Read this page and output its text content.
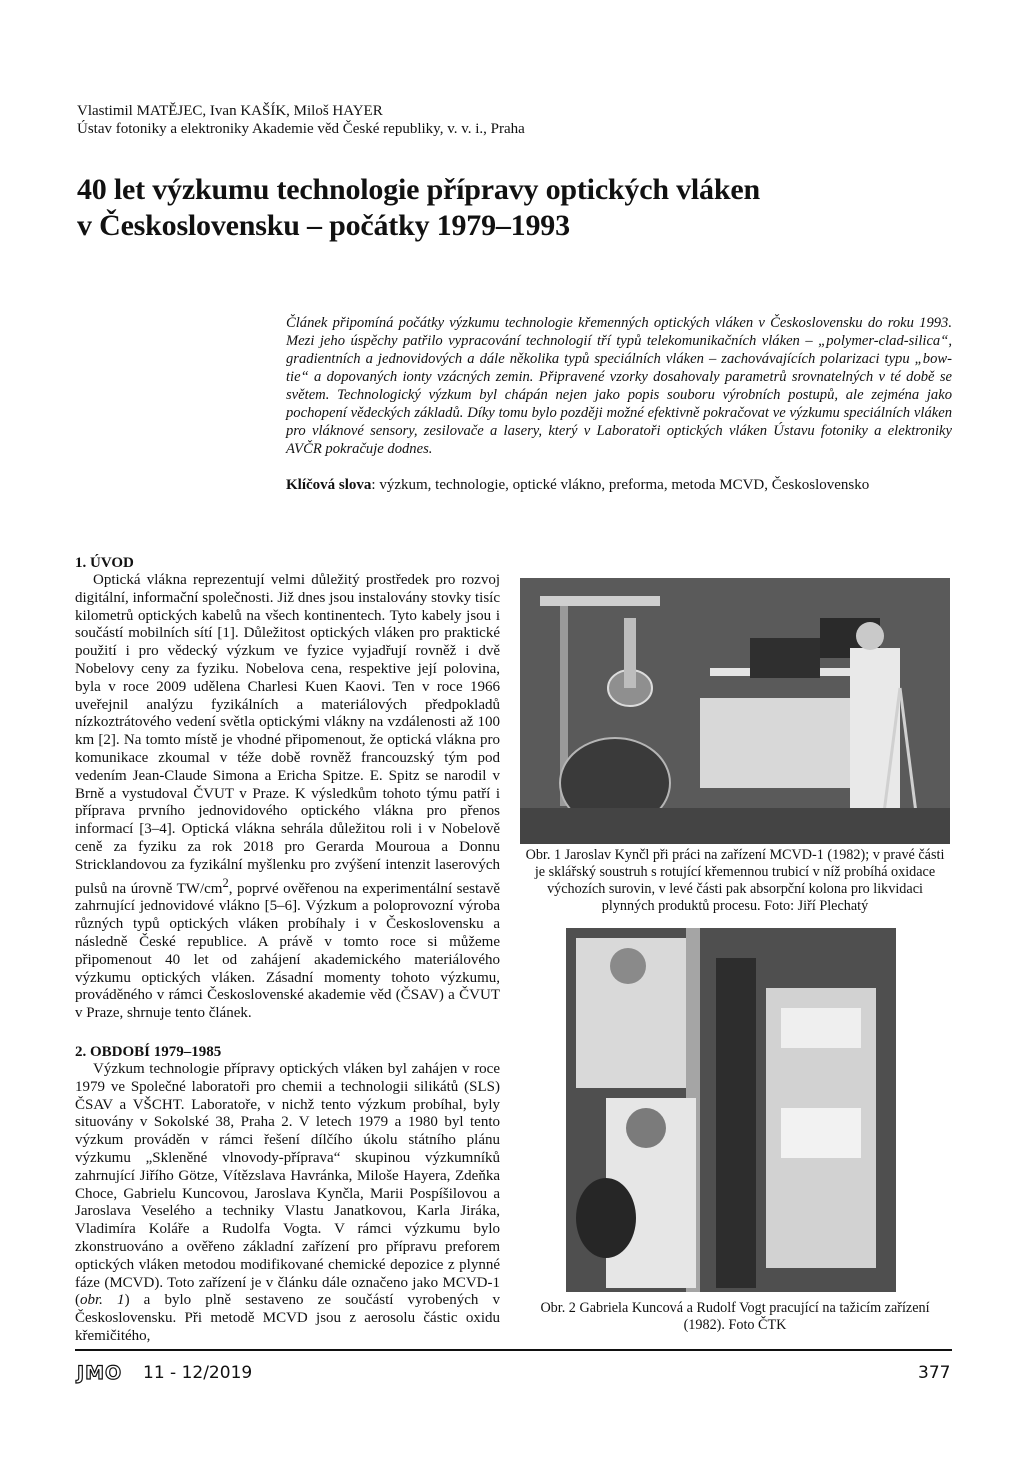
Vlastimil MATĚJEC, Ivan KAŠÍK, Miloš HAYER
Ústav fotoniky a elektroniky Akademie věd České republiky, v. v. i., Praha
40 let výzkumu technologie přípravy optických vláken
v Československu – počátky 1979–1993
Článek připomíná počátky výzkumu technologie křemenných optických vláken v Československu do roku 1993. Mezi jeho úspěchy patřilo vypracování technologií tří typů telekomunikačních vláken – „polymer-clad-silica“, gradientních a jednovidových a dále několika typů speciálních vláken – zachovávajících polarizaci typu „bow-tie“ a dopovaných ionty vzácných zemin. Připravené vzorky dosahovaly parametrů srovnatelných v té době se světem. Technologický výzkum byl chápán nejen jako popis souboru výrobních postupů, ale zejména jako pochopení vědeckých základů. Díky tomu bylo později možné efektivně pokračovat ve výzkumu speciálních vláken pro vláknové sensory, zesilovače a lasery, který v Laboratoři optických vláken Ústavu fotoniky a elektroniky AVČR pokračuje dodnes.
Klíčová slova: výzkum, technologie, optické vlákno, preforma, metoda MCVD, Československo
1. ÚVOD

Optická vlákna reprezentují velmi důležitý prostředek pro rozvoj digitální, informační společnosti. Již dnes jsou instalovány stovky tisíc kilometrů optických kabelů na všech kontinentech. Tyto kabely jsou i součástí mobilních sítí [1]. Důležitost optických vláken pro praktické použití i pro vědecký výzkum ve fyzice vyjadřují rovněž i dvě Nobelovy ceny za fyziku. Nobelova cena, respektive její polovina, byla v roce 2009 udělena Charlesi Kuen Kaovi. Ten v roce 1966 uveřejnil analýzu fyzikálních a materiálových předpokladů nízkoztrátového vedení světla optickými vlákny na vzdálenosti až 100 km [2]. Na tomto místě je vhodné připomenout, že optická vlákna pro komunikace zkoumal v téže době rovněž francouzský tým pod vedením Jean-Claude Simona a Ericha Spitze. E. Spitz se narodil v Brně a vystudoval ČVUT v Praze. K výsledkům tohoto týmu patří i příprava prvního jednovidového optického vlákna pro přenos informací [3–4]. Optická vlákna sehrála důležitou roli i v Nobelově ceně za fyziku za rok 2018 pro Gerarda Mouroua a Donnu Stricklandovou za fyzikální myšlenku pro zvýšení intenzit laserových pulsů na úrovně $TW/cm^2$, poprvé ověřenou na experimentální sestavě zahrnující jednovidové vlákno [5–6]. Výzkum a poloprovozní výroba různých typů optických vláken probíhaly i v Československu a následně České republice. A právě v tomto roce si můžeme připomenout 40 let od zahájení akademického materiálového výzkumu optických vláken. Zásadní momenty tohoto výzkumu, prováděného v rámci Československé akademie věd (ČSAV) a ČVUT v Praze, shrnuje tento článek.

2. OBDOBÍ 1979–1985

Výzkum technologie přípravy optických vláken byl zahájen v roce 1979 ve Společné laboratoři pro chemii a technologii silikátů (SLS) ČSAV a VŠCHT. Laboratoře, v nichž tento výzkum probíhal, byly situovány v Sokolské 38, Praha 2. V letech 1979 a 1980 byl tento výzkum prováděn v rámci řešení dílčího úkolu státního plánu výzkumu „Skleněné vlnovody-příprava“ skupinou výzkumníků zahrnující Jiřího Götze, Vítězslava Havránka, Miloše Hayera, Zdeňka Choce, Gabrielu Kuncovou, Jaroslava Kynčla, Marii Pospíšilovou a Jaroslava Veselého a techniky Vlastu Janatkovou, Karla Jiráka, Vladimíra Kolářе a Rudolfa Vogta. V rámci výzkumu bylo zkonstruováno a ověřeno základní zařízení pro přípravu preforem optických vláken metodou modifikované chemické depozice z plynné fáze (MCVD). Toto zařízení je v článku dále označeno jako MCVD-1 (obr. 1) a bylo plně sestaveno ze součástí vyrobených v Československu. Při metodě MCVD jsou z aerosolu částic oxidu křemičitého,

Obr. 1 Jaroslav Kynčl při práci na zařízení MCVD-1 (1982); v pravé části je sklářský soustruh s rotující křemennou trubicí v níž probíhá oxidace výchozích surovin, v levé části pak absorpční kolona pro likvidaci plynných produktů procesu. Foto: Jiří Plechatý
Obr. 2 Gabriela Kuncová a Rudolf Vogt pracující na tažicím zařízení (1982). Foto ČTK
JMO 11 - 12/2019	377
